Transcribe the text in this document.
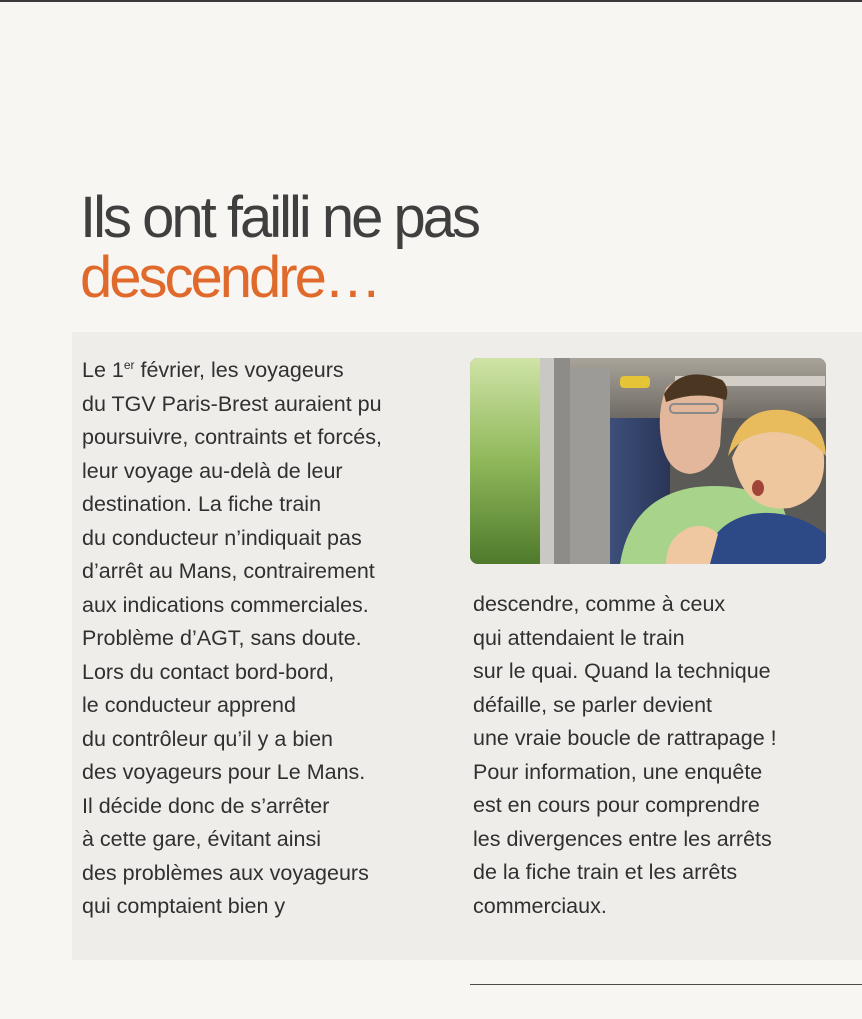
Ils ont failli ne pas
descendre…
Le 1er février, les voyageurs
du TGV Paris-Brest auraient pu
poursuivre, contraints et forcés,
leur voyage au-delà de leur
destination. La fiche train
du conducteur n’indiquait pas
d’arrêt au Mans, contrairement
aux indications commerciales.
Problème d’AGT, sans doute.
Lors du contact bord-bord,
le conducteur apprend
du contrôleur qu’il y a bien
des voyageurs pour Le Mans.
Il décide donc de s’arrêter
à cette gare, évitant ainsi
des problèmes aux voyageurs
qui comptaient bien y
descendre, comme à ceux
qui attendaient le train
sur le quai. Quand la technique
défaille, se parler devient
une vraie boucle de rattrapage !
Pour information, une enquête
est en cours pour comprendre
les divergences entre les arrêts
de la fiche train et les arrêts
commerciaux.
